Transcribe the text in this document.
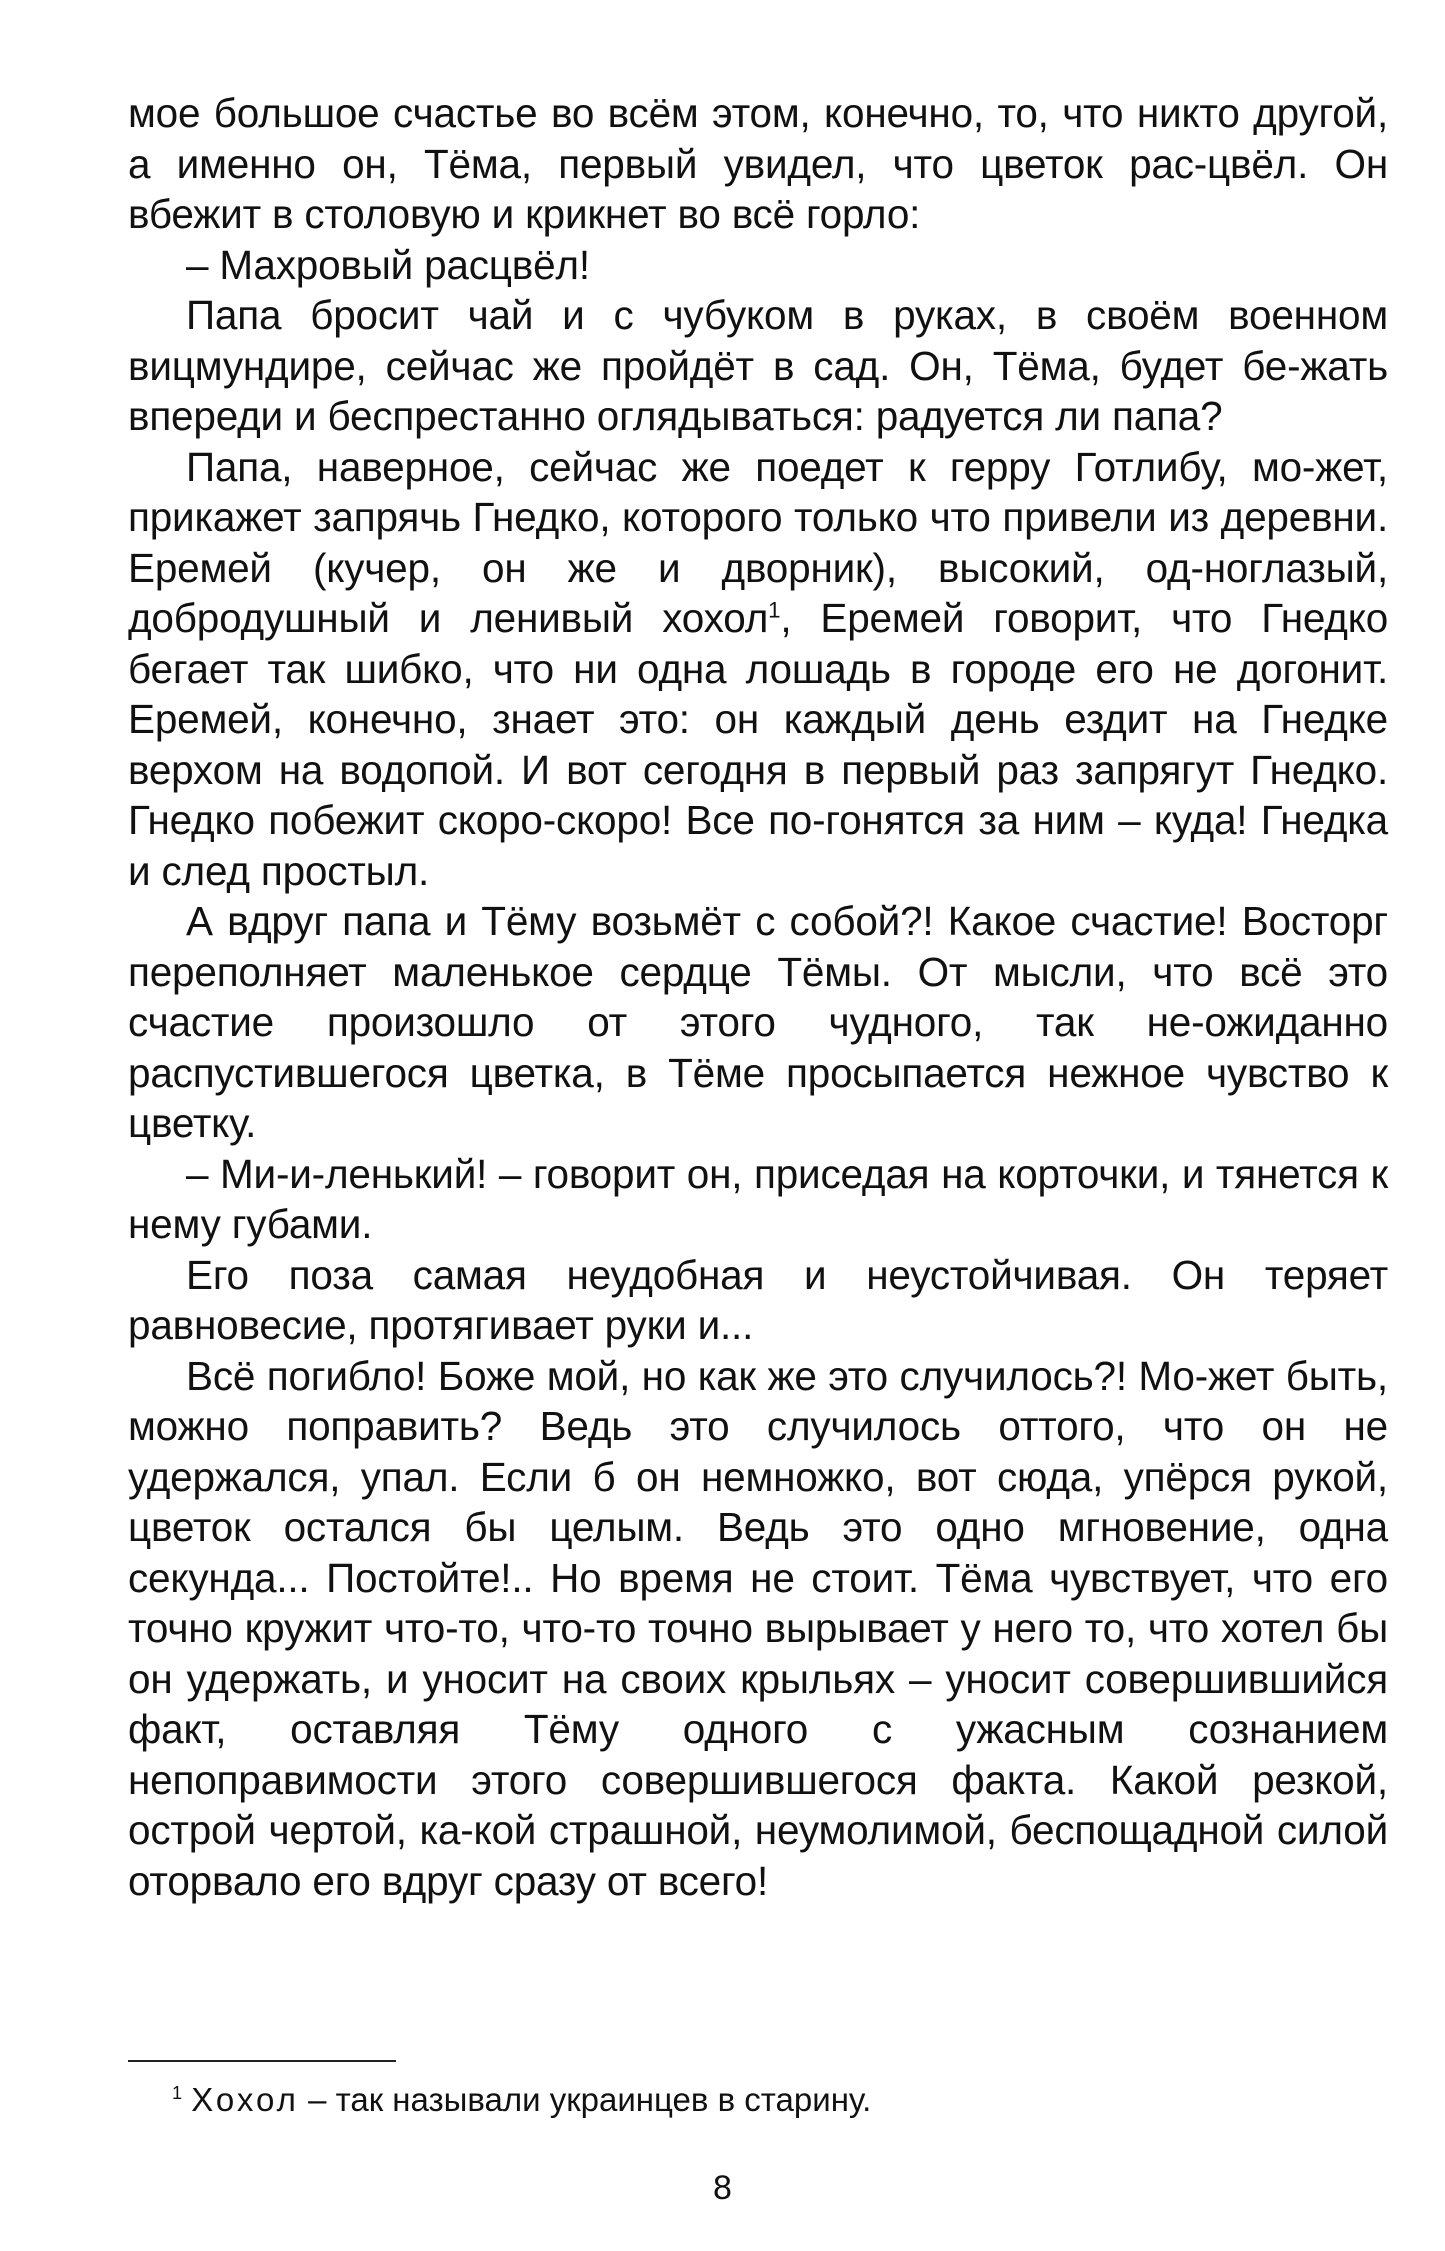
мое большое счастье во всём этом, конечно, то, что никто другой, а именно он, Тёма, первый увидел, что цветок рас-цвёл. Он вбежит в столовую и крикнет во всё горло:

– Махровый расцвёл!

Папа бросит чай и с чубуком в руках, в своём военном вицмундире, сейчас же пройдёт в сад. Он, Тёма, будет бе-жать впереди и беспрестанно оглядываться: радуется ли папа?

Папа, наверное, сейчас же поедет к герру Готлибу, мо-жет, прикажет запрячь Гнедко, которого только что привели из деревни. Еремей (кучер, он же и дворник), высокий, од-ноглазый, добродушный и ленивый хохол$^1$, Еремей говорит, что Гнедко бегает так шибко, что ни одна лошадь в городе его не догонит. Еремей, конечно, знает это: он каждый день ездит на Гнедке верхом на водопой. И вот сегодня в первый раз запрягут Гнедко. Гнедко побежит скоро-скоро! Все по-гонятся за ним – куда! Гнедка и след простыл.

А вдруг папа и Тёму возьмёт с собой?! Какое счастие! Восторг переполняет маленькое сердце Тёмы. От мысли, что всё это счастие произошло от этого чудного, так не-ожиданно распустившегося цветка, в Тёме просыпается нежное чувство к цветку.

– Ми-и-ленький! – говорит он, приседая на корточки, и тянется к нему губами.

Его поза самая неудобная и неустойчивая. Он теряет равновесие, протягивает руки и...

Всё погибло! Боже мой, но как же это случилось?! Мо-жет быть, можно поправить? Ведь это случилось оттого, что он не удержался, упал. Если б он немножко, вот сюда, упёрся рукой, цветок остался бы целым. Ведь это одно мгновение, одна секунда... Постойте!.. Но время не стоит. Тёма чувствует, что его точно кружит что-то, что-то точно вырывает у него то, что хотел бы он удержать, и уносит на своих крыльях – уносит совершившийся факт, оставляя Тёму одного с ужасным сознанием непоправимости этого совершившегося факта. Какой резкой, острой чертой, ка-кой страшной, неумолимой, беспощадной силой оторвало его вдруг сразу от всего!

$^1$ Хохол – так называли украинцев в старину.
8
